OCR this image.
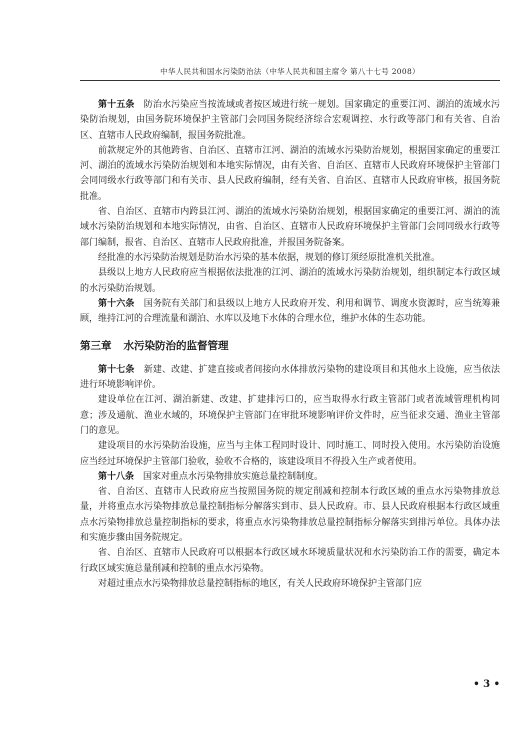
中华人民共和国水污染防治法（中华人民共和国主席令 第八十七号 2008）

第十五条  防治水污染应当按流域或者按区域进行统一规划。国家确定的重要江河、湖泊的流域水污染防治规划，由国务院环境保护主管部门会同国务院经济综合宏观调控、水行政等部门和有关省、自治区、直辖市人民政府编制，报国务院批准。

前款规定外的其他跨省、自治区、直辖市江河、湖泊的流域水污染防治规划，根据国家确定的重要江河、湖泊的流域水污染防治规划和本地实际情况，由有关省、自治区、直辖市人民政府环境保护主管部门会同同级水行政等部门和有关市、县人民政府编制，经有关省、自治区、直辖市人民政府审核，报国务院批准。

省、自治区、直辖市内跨县江河、湖泊的流域水污染防治规划，根据国家确定的重要江河、湖泊的流域水污染防治规划和本地实际情况，由省、自治区、直辖市人民政府环境保护主管部门会同同级水行政等部门编制，报省、自治区、直辖市人民政府批准，并报国务院备案。

经批准的水污染防治规划是防治水污染的基本依据，规划的修订须经原批准机关批准。

县级以上地方人民政府应当根据依法批准的江河、湖泊的流域水污染防治规划，组织制定本行政区域的水污染防治规划。

第十六条  国务院有关部门和县级以上地方人民政府开发、利用和调节、调度水资源时，应当统筹兼顾，维持江河的合理流量和湖泊、水库以及地下水体的合理水位，维护水体的生态功能。

第三章 水污染防治的监督管理

第十七条  新建、改建、扩建直接或者间接向水体排放污染物的建设项目和其他水上设施，应当依法进行环境影响评价。

建设单位在江河、湖泊新建、改建、扩建排污口的，应当取得水行政主管部门或者流域管理机构同意；涉及通航、渔业水域的，环境保护主管部门在审批环境影响评价文件时，应当征求交通、渔业主管部门的意见。

建设项目的水污染防治设施，应当与主体工程同时设计、同时施工、同时投入使用。水污染防治设施应当经过环境保护主管部门验收，验收不合格的，该建设项目不得投入生产或者使用。

第十八条  国家对重点水污染物排放实施总量控制制度。

省、自治区、直辖市人民政府应当按照国务院的规定削减和控制本行政区域的重点水污染物排放总量，并将重点水污染物排放总量控制指标分解落实到市、县人民政府。市、县人民政府根据本行政区域重点水污染物排放总量控制指标的要求，将重点水污染物排放总量控制指标分解落实到排污单位。具体办法和实施步骤由国务院规定。

省、自治区、直辖市人民政府可以根据本行政区域水环境质量状况和水污染防治工作的需要，确定本行政区域实施总量削减和控制的重点水污染物。

对超过重点水污染物排放总量控制指标的地区，有关人民政府环境保护主管部门应

• 3 •
